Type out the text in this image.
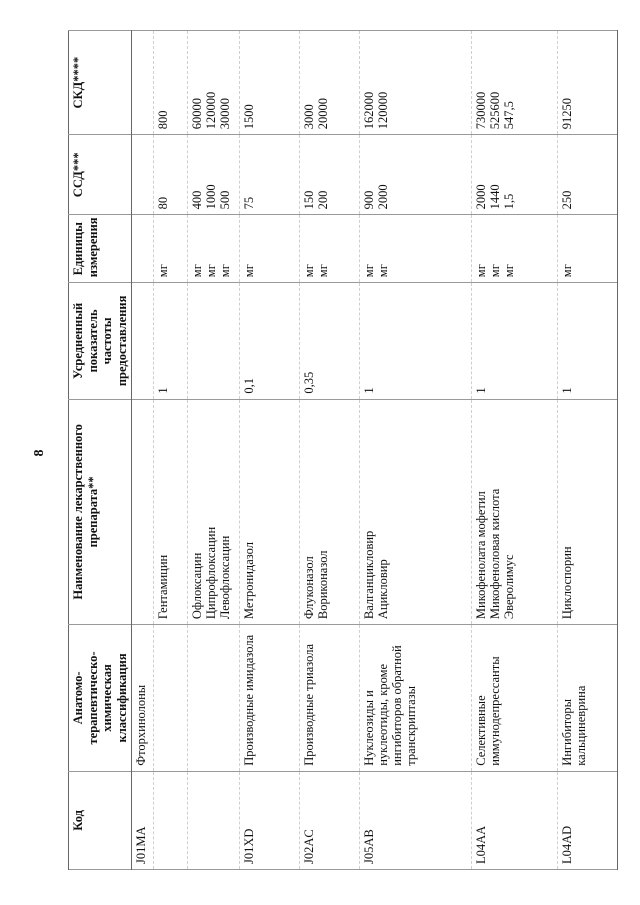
8
Код	Анатомо-терапевтическо-химическая классификация	Наименование лекарственного препарата**	Усредненный показатель частоты предоставления	Единицы измерения	ССД***	СКД****
J01MA	Фторхинолоны					

		Гентамицин	1	мг	80	800

		Офлоксацин Ципрофлоксацин Левофлоксацин		мг мг мг	400 1000 500	60000 120000 30000

J01XD	Производные имидазола	Метронидазол	0,1	мг	75	1500

J02AC	Производные триазола	Флуконазол Вориконазол	0,35	мг мг	150 200	3000 20000

J05AB	Нуклеозиды и нуклеотиды, кроме ингибиторов обратной транскриптазы	Валганцикловир Ацикловир	1	мг мг	900 2000	162000 120000

L04AA	Селективные иммунодепрессанты	Микофенолата мофетил Микофеноловая кислота Эверолимус	1	мг мг мг	2000 1440 1,5	730000 525600 547,5

L04AD	Ингибиторы кальциневрина	Циклоспорин	1	мг	250	91250
